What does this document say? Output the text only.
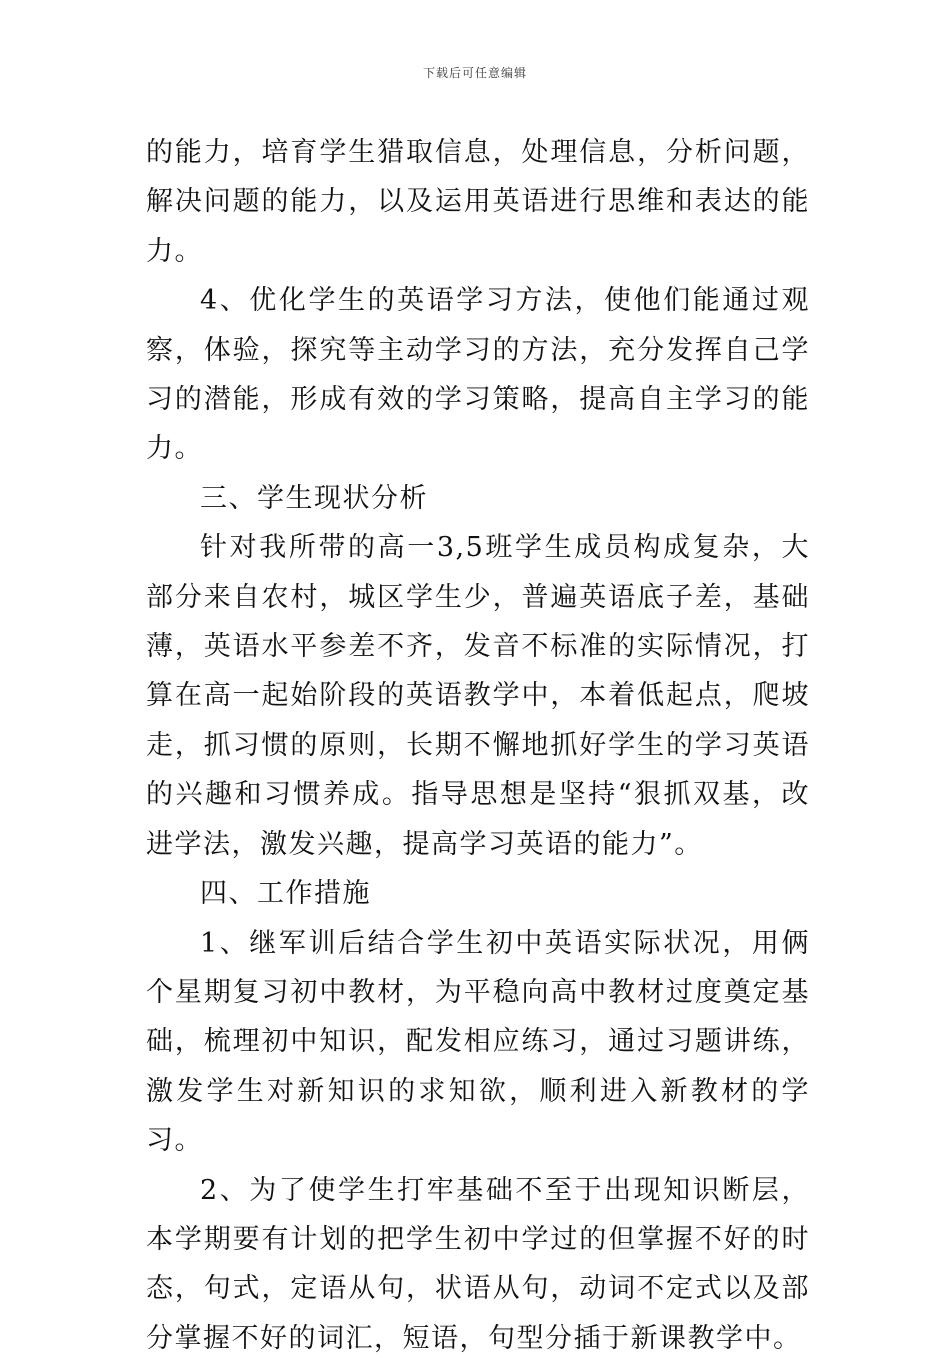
下载后可任意编辑

的能力，培育学生猎取信息，处理信息，分析问题，解决问题的能力，以及运用英语进行思维和表达的能力。

4、优化学生的英语学习方法，使他们能通过观察，体验，探究等主动学习的方法，充分发挥自己学习的潜能，形成有效的学习策略，提高自主学习的能力。

三、学生现状分析

针对我所带的高一3,5班学生成员构成复杂，大部分来自农村，城区学生少，普遍英语底子差，基础薄，英语水平参差不齐，发音不标准的实际情况，打算在高一起始阶段的英语教学中，本着低起点，爬坡走，抓习惯的原则，长期不懈地抓好学生的学习英语的兴趣和习惯养成。指导思想是坚持“狠抓双基，改进学法，激发兴趣，提高学习英语的能力”。

四、工作措施

1、继军训后结合学生初中英语实际状况，用俩个星期复习初中教材，为平稳向高中教材过度奠定基础，梳理初中知识，配发相应练习，通过习题讲练，激发学生对新知识的求知欲，顺利进入新教材的学习。

2、为了使学生打牢基础不至于出现知识断层，本学期要有计划的把学生初中学过的但掌握不好的时态，句式，定语从句，状语从句，动词不定式以及部分掌握不好的词汇，短语，句型分插于新课教学中。
